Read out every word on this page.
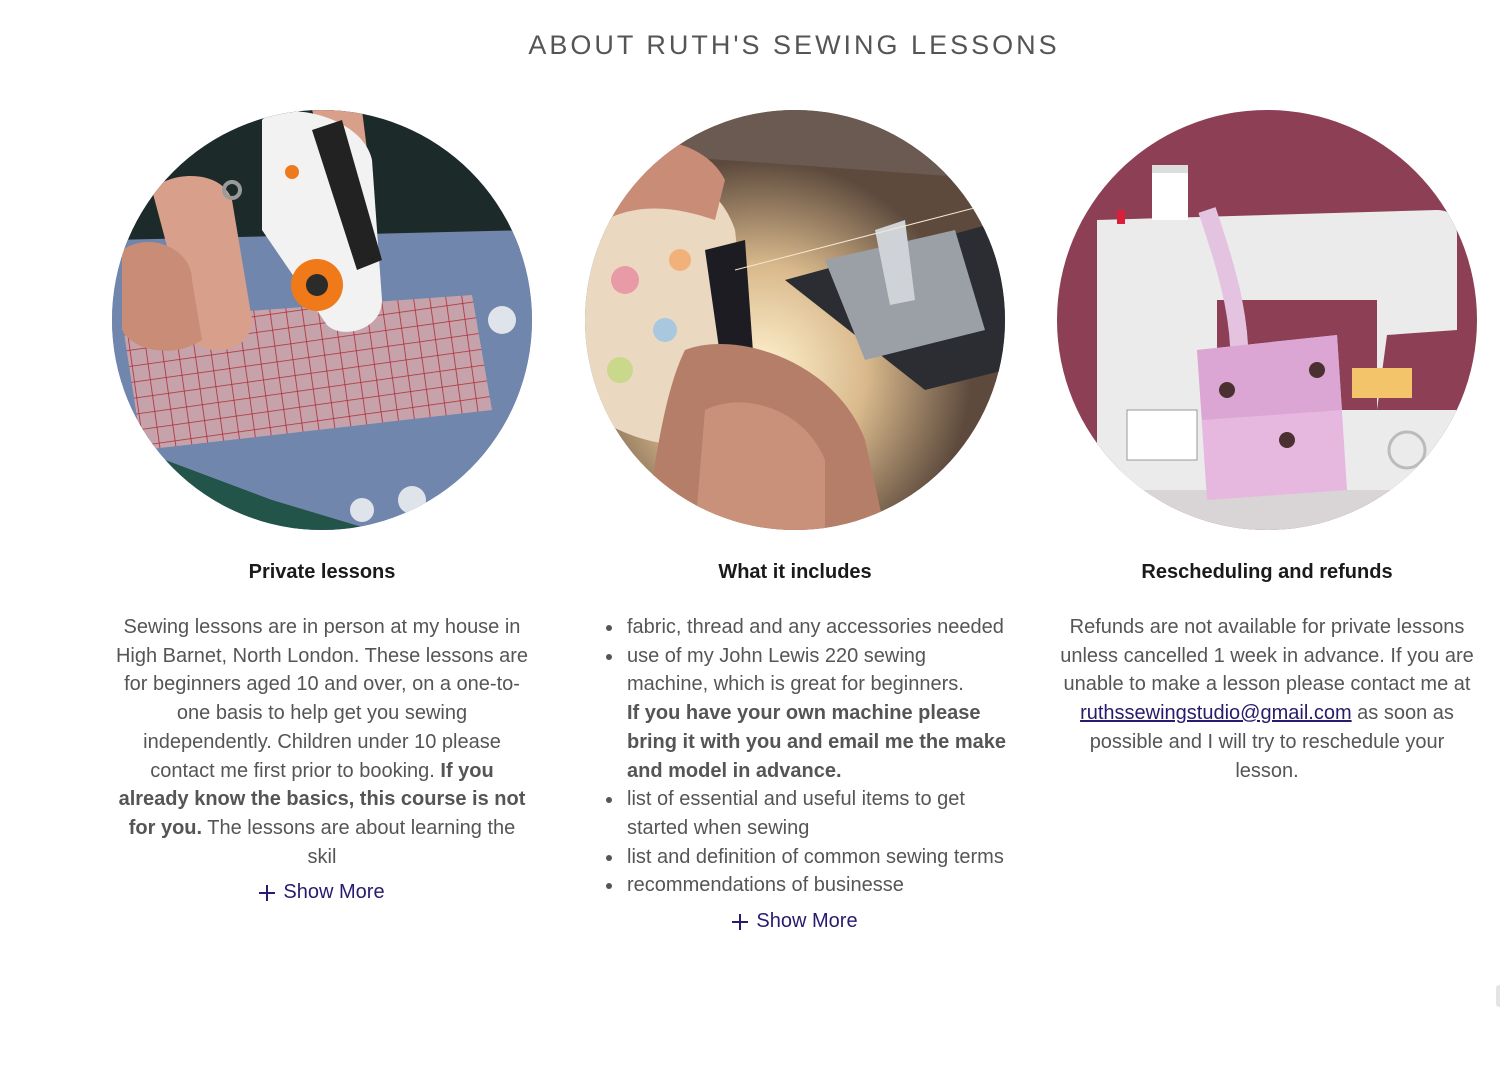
ABOUT RUTH'S SEWING LESSONS
Private lessons
Sewing lessons are in person at my house in High Barnet, North London. These lessons are for beginners aged 10 and over, on a one-to-one basis to help get you sewing independently. Children under 10 please contact me first prior to booking. If you already know the basics, this course is not for you. The lessons are about learning the skil
Show More
What it includes
fabric, thread and any accessories needed
use of my John Lewis 220 sewing machine, which is great for beginners.
If you have your own machine please bring it with you and email me the make and model in advance.
list of essential and useful items to get started when sewing
list and definition of common sewing terms
recommendations of businesse
Show More
Rescheduling and refunds
Refunds are not available for private lessons unless cancelled 1 week in advance. If you are unable to make a lesson please contact me at ruthssewingstudio@gmail.com as soon as possible and I will try to reschedule your lesson.
